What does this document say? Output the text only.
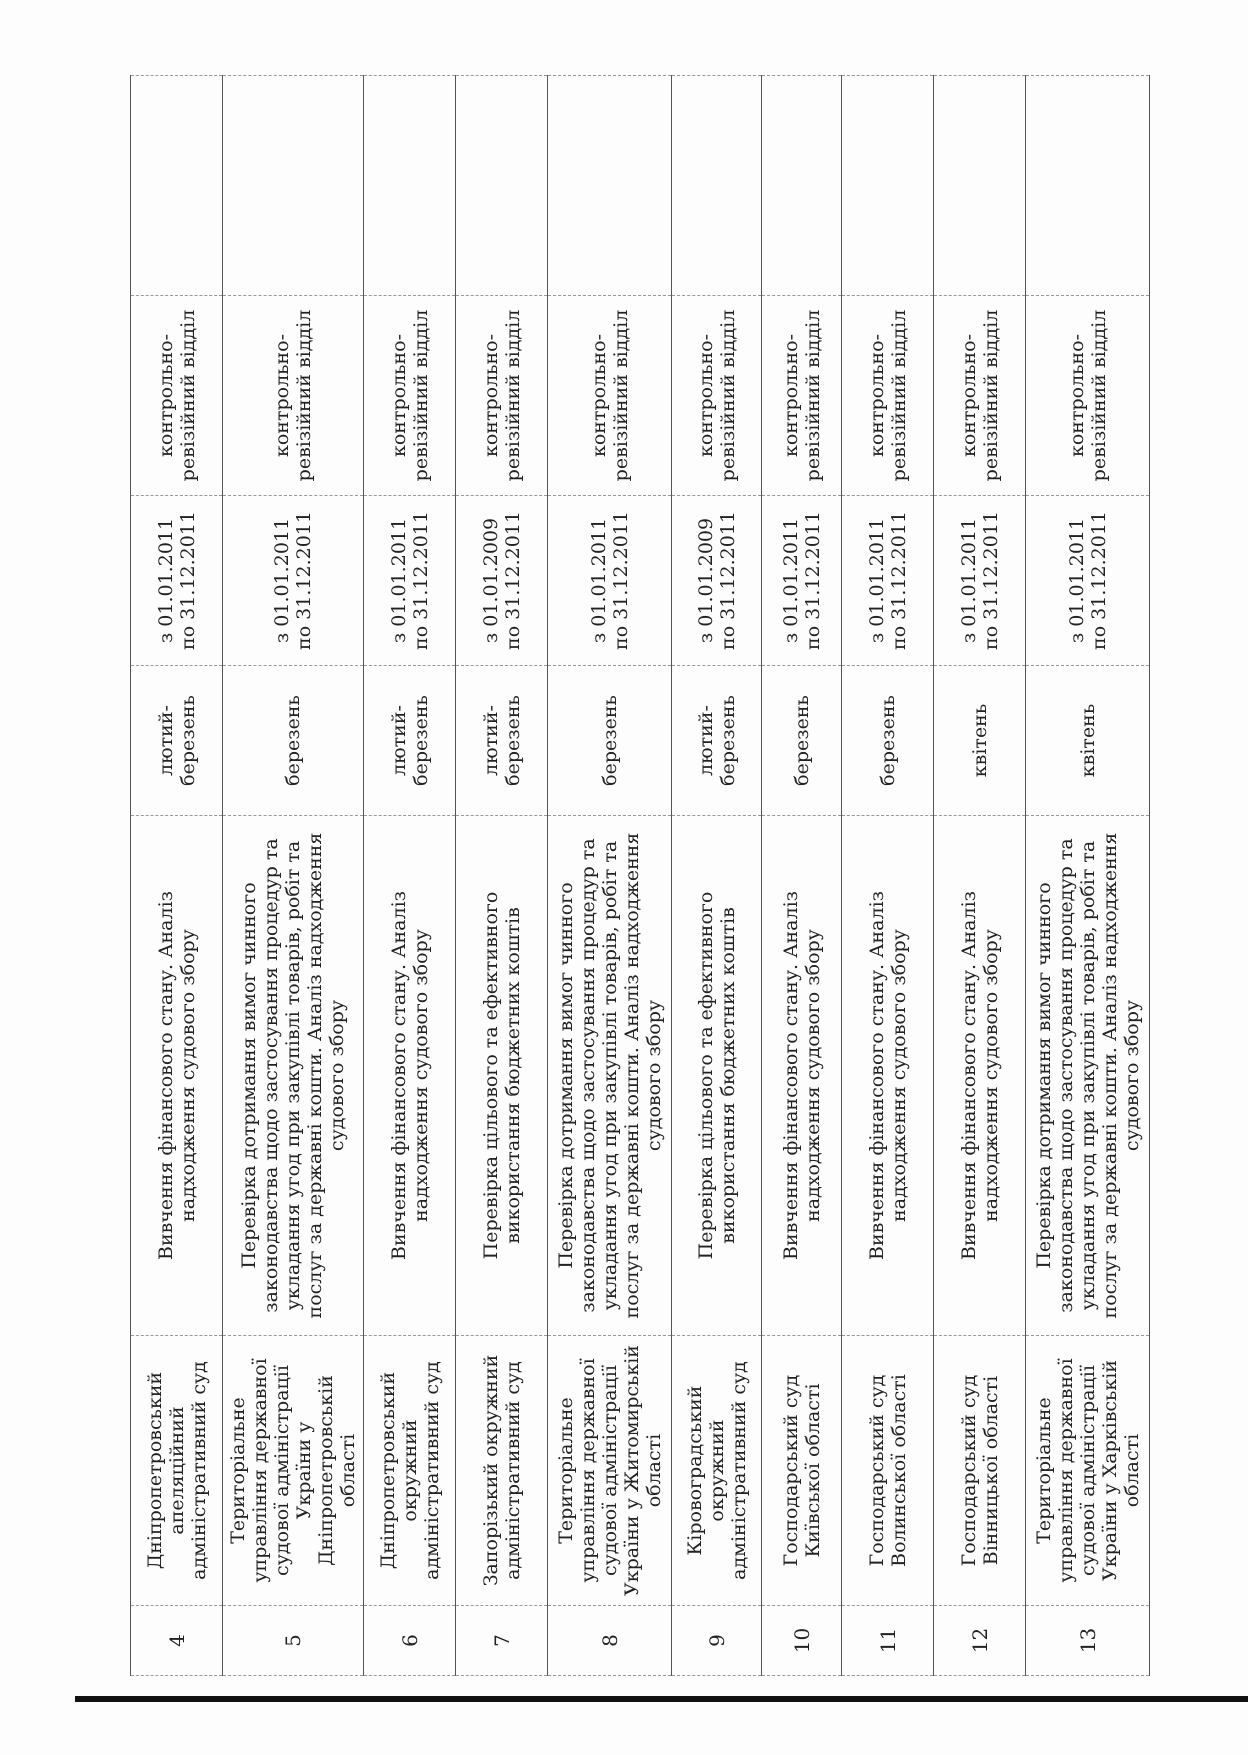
4	Дніпропетровський апеляційний адміністративний суд	Вивчення фінансового стану. Аналіз надходження судового збору	лютий-березень	з 01.01.2011 по 31.12.2011	контрольно-ревізійний відділ	
5	Територіальне управління державної судової адміністрації України у Дніпропетровській області	Перевірка дотримання вимог чинного законодавства щодо застосування процедур та укладання угод при закупівлі товарів, робіт та послуг за державні кошти. Аналіз надходження судового збору	березень	з 01.01.2011 по 31.12.2011	контрольно-ревізійний відділ	
6	Дніпропетровський окружний адміністративний суд	Вивчення фінансового стану. Аналіз надходження судового збору	лютий-березень	з 01.01.2011 по 31.12.2011	контрольно-ревізійний відділ	
7	Запорізький окружний адміністративний суд	Перевірка цільового та ефективного використання бюджетних коштів	лютий-березень	з 01.01.2009 по 31.12.2011	контрольно-ревізійний відділ	
8	Територіальне управління державної судової адміністрації України у Житомирській області	Перевірка дотримання вимог чинного законодавства щодо застосування процедур та укладання угод при закупівлі товарів, робіт та послуг за державні кошти. Аналіз надходження судового збору	березень	з 01.01.2011 по 31.12.2011	контрольно-ревізійний відділ	
9	Кіровоградський окружний адміністративний суд	Перевірка цільового та ефективного використання бюджетних коштів	лютий-березень	з 01.01.2009 по 31.12.2011	контрольно-ревізійний відділ	
10	Господарський суд Київської області	Вивчення фінансового стану. Аналіз надходження судового збору	березень	з 01.01.2011 по 31.12.2011	контрольно-ревізійний відділ	
11	Господарський суд Волинської області	Вивчення фінансового стану. Аналіз надходження судового збору	березень	з 01.01.2011 по 31.12.2011	контрольно-ревізійний відділ	
12	Господарський суд Вінницької області	Вивчення фінансового стану. Аналіз надходження судового збору	квітень	з 01.01.2011 по 31.12.2011	контрольно-ревізійний відділ	
13	Територіальне управління державної судової адміністрації України у Харківській області	Перевірка дотримання вимог чинного законодавства щодо застосування процедур та укладання угод при закупівлі товарів, робіт та послуг за державні кошти. Аналіз надходження судового збору	квітень	з 01.01.2011 по 31.12.2011	контрольно-ревізійний відділ	
